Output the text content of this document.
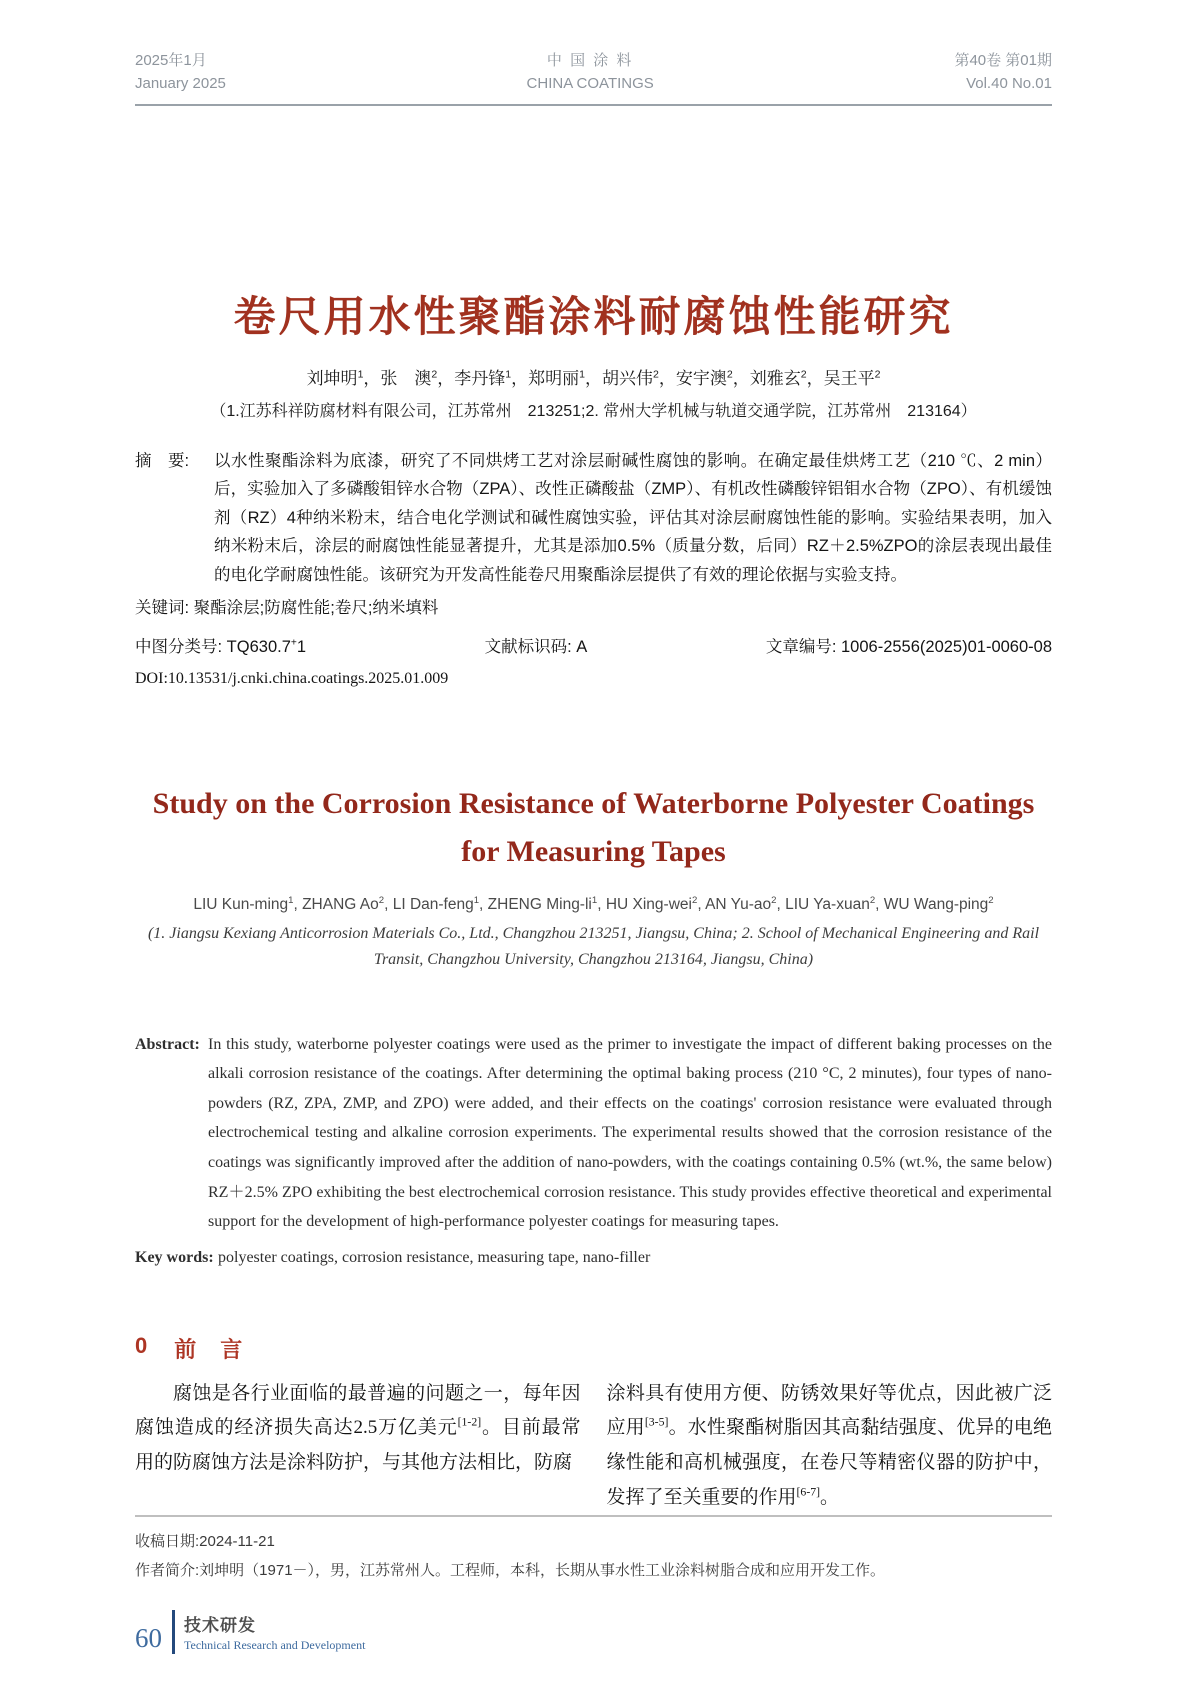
2025年1月
January 2025
中 国 涂 料
CHINA COATINGS
第40卷 第01期
Vol.40 No.01
卷尺用水性聚酯涂料耐腐蚀性能研究
刘坤明$^1$，张　澳$^2$，李丹锋$^1$，郑明丽$^1$，胡兴伟$^2$，安宇澳$^2$，刘雅玄$^2$，吴王平$^2$
（1.江苏科祥防腐材料有限公司，江苏常州　213251;2. 常州大学机械与轨道交通学院，江苏常州　213164）
摘　要: 以水性聚酯涂料为底漆，研究了不同烘烤工艺对涂层耐碱性腐蚀的影响。在确定最佳烘烤工艺（210 ℃、2 min）后，实验加入了多磷酸钼锌水合物（ZPA）、改性正磷酸盐（ZMP）、有机改性磷酸锌铝钼水合物（ZPO）、有机缓蚀剂（RZ）4种纳米粉末，结合电化学测试和碱性腐蚀实验，评估其对涂层耐腐蚀性能的影响。实验结果表明，加入纳米粉末后，涂层的耐腐蚀性能显著提升，尤其是添加0.5%（质量分数，后同）RZ＋2.5%ZPO的涂层表现出最佳的电化学耐腐蚀性能。该研究为开发高性能卷尺用聚酯涂层提供了有效的理论依据与实验支持。
关键词: 聚酯涂层;防腐性能;卷尺;纳米填料
中图分类号: TQ630.7+1	文献标识码: A	文章编号: 1006-2556(2025)01-0060-08
DOI:10.13531/j.cnki.china.coatings.2025.01.009
Study on the Corrosion Resistance of Waterborne Polyester Coatings for Measuring Tapes
LIU Kun-ming$^1$, ZHANG Ao$^2$, LI Dan-feng$^1$, ZHENG Ming-$li^1$, HU Xing-wei$^2$, AN $Yu-ao^2$, LIU Ya-xuan$^2$, WU Wang-ping$^2$
(1. Jiangsu Kexiang Anticorrosion Materials Co., Ltd., Changzhou 213251, Jiangsu, China; 2. School of Mechanical Engineering and Rail Transit, Changzhou University, Changzhou 213164, Jiangsu, China)
Abstract: In this study, waterborne polyester coatings were used as the primer to investigate the impact of different baking processes on the alkali corrosion resistance of the coatings. After determining the optimal baking process (210 °C, 2 minutes), four types of nano-powders (RZ, ZPA, ZMP, and ZPO) were added, and their effects on the coatings' corrosion resistance were evaluated through electrochemical testing and alkaline corrosion experiments. The experimental results showed that the corrosion resistance of the coatings was significantly improved after the addition of nano-powders, with the coatings containing 0.5% (wt.%, the same below) RZ＋2.5% ZPO exhibiting the best electrochemical corrosion resistance. This study provides effective theoretical and experimental support for the development of high-performance polyester coatings for measuring tapes.
Key words: polyester coatings, corrosion resistance, measuring tape, nano-filler
0 前　言

腐蚀是各行业面临的最普遍的问题之一，每年因腐蚀造成的经济损失高达2.5万亿美元[1-2]。目前最常用的防腐蚀方法是涂料防护，与其他方法相比，防腐

涂料具有使用方便、防锈效果好等优点，因此被广泛应用[3-5]。水性聚酯树脂因其高黏结强度、优异的电绝缘性能和高机械强度，在卷尺等精密仪器的防护中，发挥了至关重要的作用[6-7]。

收稿日期:2024-11-21
作者简介:刘坤明（1971－），男，江苏常州人。工程师，本科，长期从事水性工业涂料树脂合成和应用开发工作。
60 技术研发
Technical Research and Development
